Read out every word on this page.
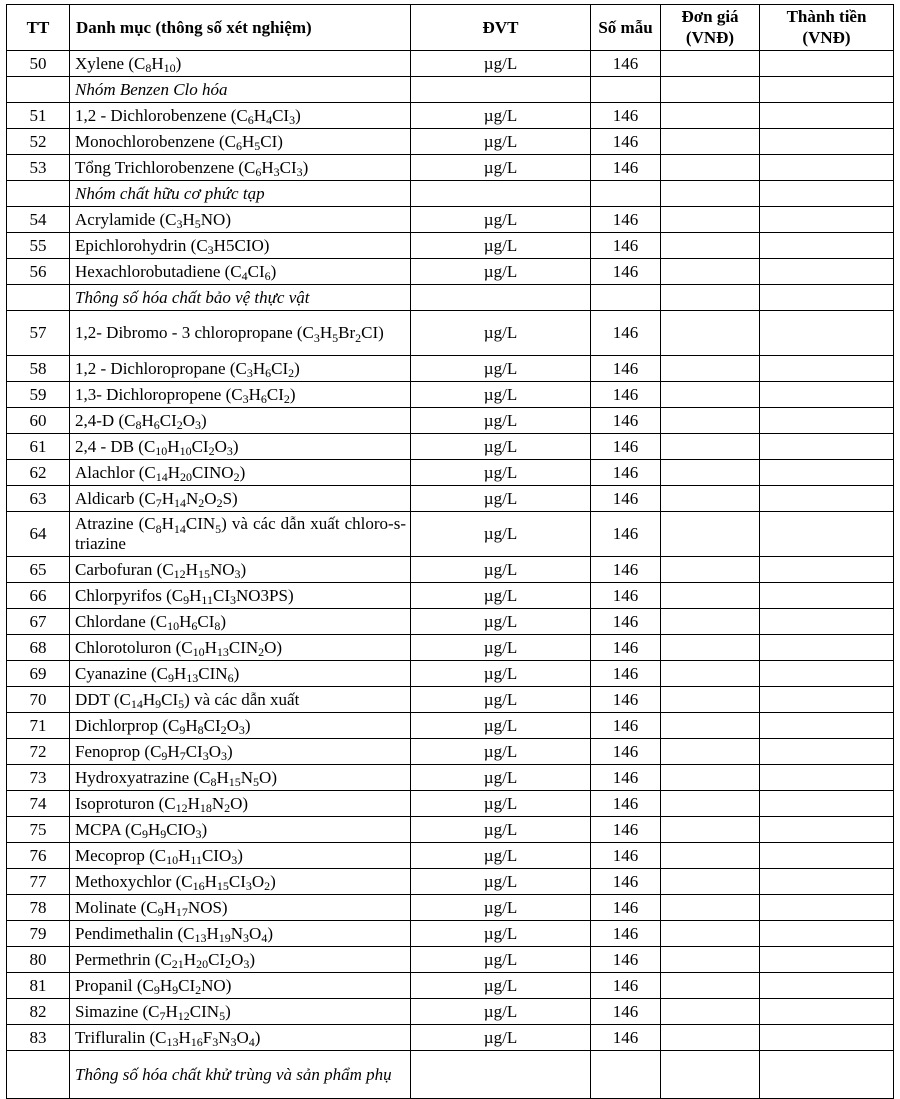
TT	Danh mục (thông số xét nghiệm)	ĐVT	Số mẫu	Đơn giá (VNĐ)	Thành tiền (VNĐ)
50	Xylene $(C_8H_{10})$	µg/L	146		
	Nhóm Benzen Clo hóa				
51	1,2 - Dichlorobenzene $(C_6H_4CI_3)$	µg/L	146		
52	Monochlorobenzene $(C_6H_5CI)$	µg/L	146		
53	Tổng Trichlorobenzene $(C_6H_3CI_3)$	µg/L	146		
	Nhóm chất hữu cơ phức tạp				
54	Acrylamide $(C_3H_5NO)$	µg/L	146		
55	Epichlorohydrin $(C_3H5CIO)$	µg/L	146		
56	Hexachlorobutadiene $(C_4CI_6)$	µg/L	146		
	Thông số hóa chất bảo vệ thực vật				
57	1,2- Dibromo - 3 chloropropane $(C_3H_5Br_2CI)$	µg/L	146		
58	1,2 - Dichloropropane $(C_3H_6CI_2)$	µg/L	146		
59	1,3- Dichloropropene $(C_3H_6CI_2)$	µg/L	146		
60	2,4-D $(C_8H_6CI_2O_3)$	µg/L	146		
61	2,4 - DB $(C_{10}H_{10}CI_2O_3)$	µg/L	146		
62	Alachlor $(C_{14}H_{20}CINO_2)$	µg/L	146		
63	Aldicarb $(C_7H_{14}N_2O_2S)$	µg/L	146		
64	Atrazine $(C_8H_{14}CIN_5)$ và các dẫn xuất chloro-s-triazine	µg/L	146		
65	Carbofuran $(C_{12}H_{15}NO_3)$	µg/L	146		
66	Chlorpyrifos $(C_9H_{11}CI_3NO3PS)$	µg/L	146		
67	Chlordane $(C_{10}H_6CI_8)$	µg/L	146		
68	Chlorotoluron $(C_{10}H_{13}CIN_2O)$	µg/L	146		
69	Cyanazine $(C_9H_{13}CIN_6)$	µg/L	146		
70	DDT $(C_{14}H_9CI_5)$ và các dẫn xuất	µg/L	146		
71	Dichlorprop $(C_9H_8CI_2O_3)$	µg/L	146		
72	Fenoprop $(C_9H_7CI_3O_3)$	µg/L	146		
73	Hydroxyatrazine $(C_8H_{15}N_5O)$	µg/L	146		
74	Isoproturon $(C_{12}H_{18}N_2O)$	µg/L	146		
75	MCPA $(C_9H_9CIO_3)$	µg/L	146		
76	Mecoprop $(C_{10}H_{11}CIO_3)$	µg/L	146		
77	Methoxychlor $(C_{16}H_{15}CI_3O_2)$	µg/L	146		
78	Molinate $(C_9H_{17}NOS)$	µg/L	146		
79	Pendimethalin $(C_{13}H_{19}N_3O_4)$	µg/L	146		
80	Permethrin $(C_{21}H_{20}CI_2O_3)$	µg/L	146		
81	Propanil $(C_9H_9CI_2NO)$	µg/L	146		
82	Simazine $(C_7H_{12}CIN_5)$	µg/L	146		
83	Trifluralin $(C_{13}H_{16}F_3N_3O_4)$	µg/L	146		
	Thông số hóa chất khử trùng và sản phẩm phụ				
